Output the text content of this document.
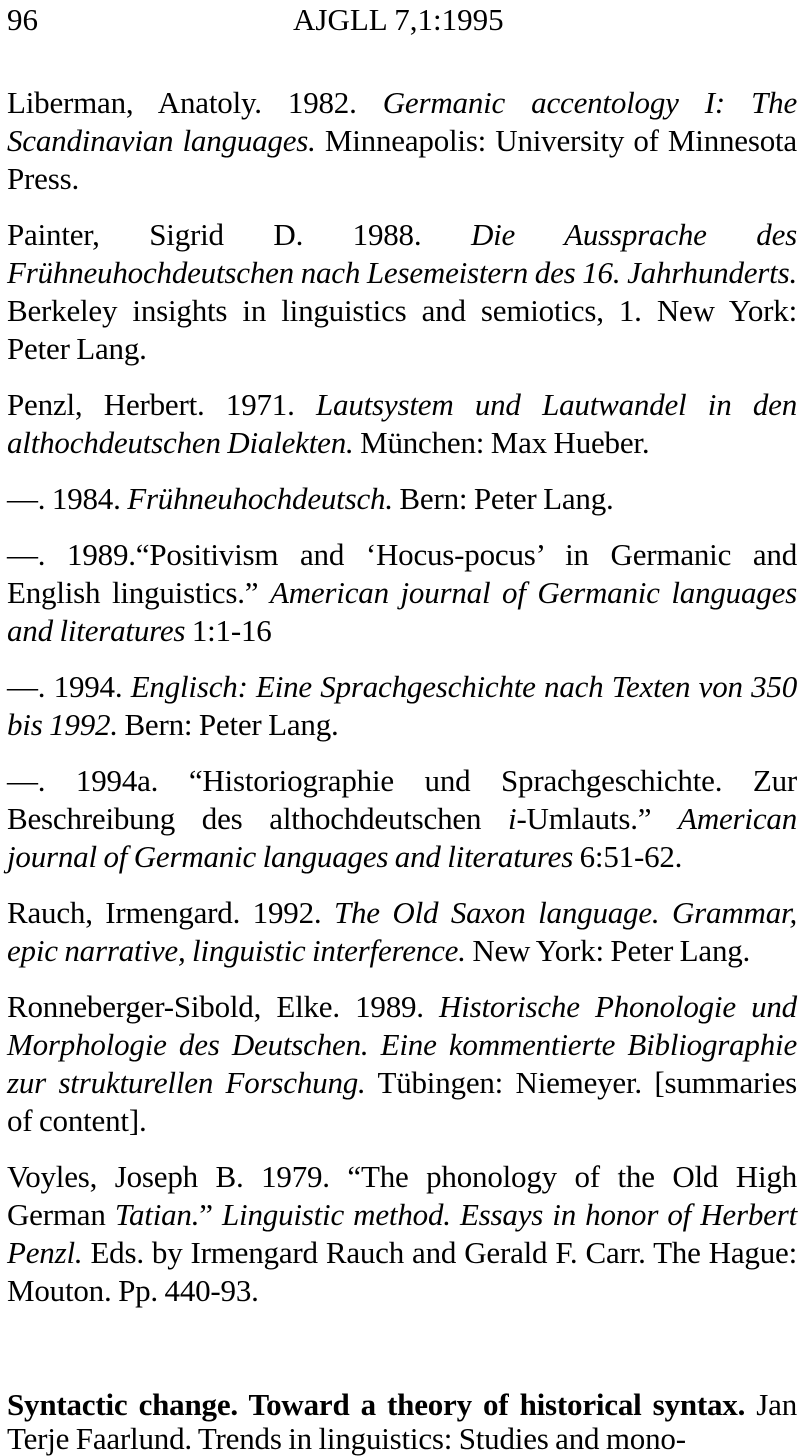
96	AJGLL 7,1:1995

Liberman, Anatoly. 1982. Germanic accentology I: The Scandinavian languages. Minneapolis: University of Minnesota Press.

Painter, Sigrid D. 1988. Die Aussprache des Frühneuhochdeutschen nach Lesemeistern des 16. Jahrhunderts. Berkeley insights in linguistics and semiotics, 1. New York: Peter Lang.

Penzl, Herbert. 1971. Lautsystem und Lautwandel in den althochdeutschen Dialekten. München: Max Hueber.

—. 1984. Frühneuhochdeutsch. Bern: Peter Lang.

—. 1989.“Positivism and ‘Hocus-pocus’ in Germanic and English linguistics.” American journal of Germanic languages and literatures 1:1-16

—. 1994. Englisch: Eine Sprachgeschichte nach Texten von 350 bis 1992. Bern: Peter Lang.

—. 1994a. “Historiographie und Sprachgeschichte. Zur Beschreibung des althochdeutschen i-Umlauts.” American journal of Germanic languages and literatures 6:51-62.

Rauch, Irmengard. 1992. The Old Saxon language. Grammar, epic narrative, linguistic interference. New York: Peter Lang.

Ronneberger-Sibold, Elke. 1989. Historische Phonologie und Morphologie des Deutschen. Eine kommentierte Bibliographie zur strukturellen Forschung. Tübingen: Niemeyer. [summaries of content].

Voyles, Joseph B. 1979. “The phonology of the Old High German Tatian.” Linguistic method. Essays in honor of Herbert Penzl. Eds. by Irmengard Rauch and Gerald F. Carr. The Hague: Mouton. Pp. 440-93.

Syntactic change. Toward a theory of historical syntax. Jan Terje Faarlund. Trends in linguistics: Studies and mono-
